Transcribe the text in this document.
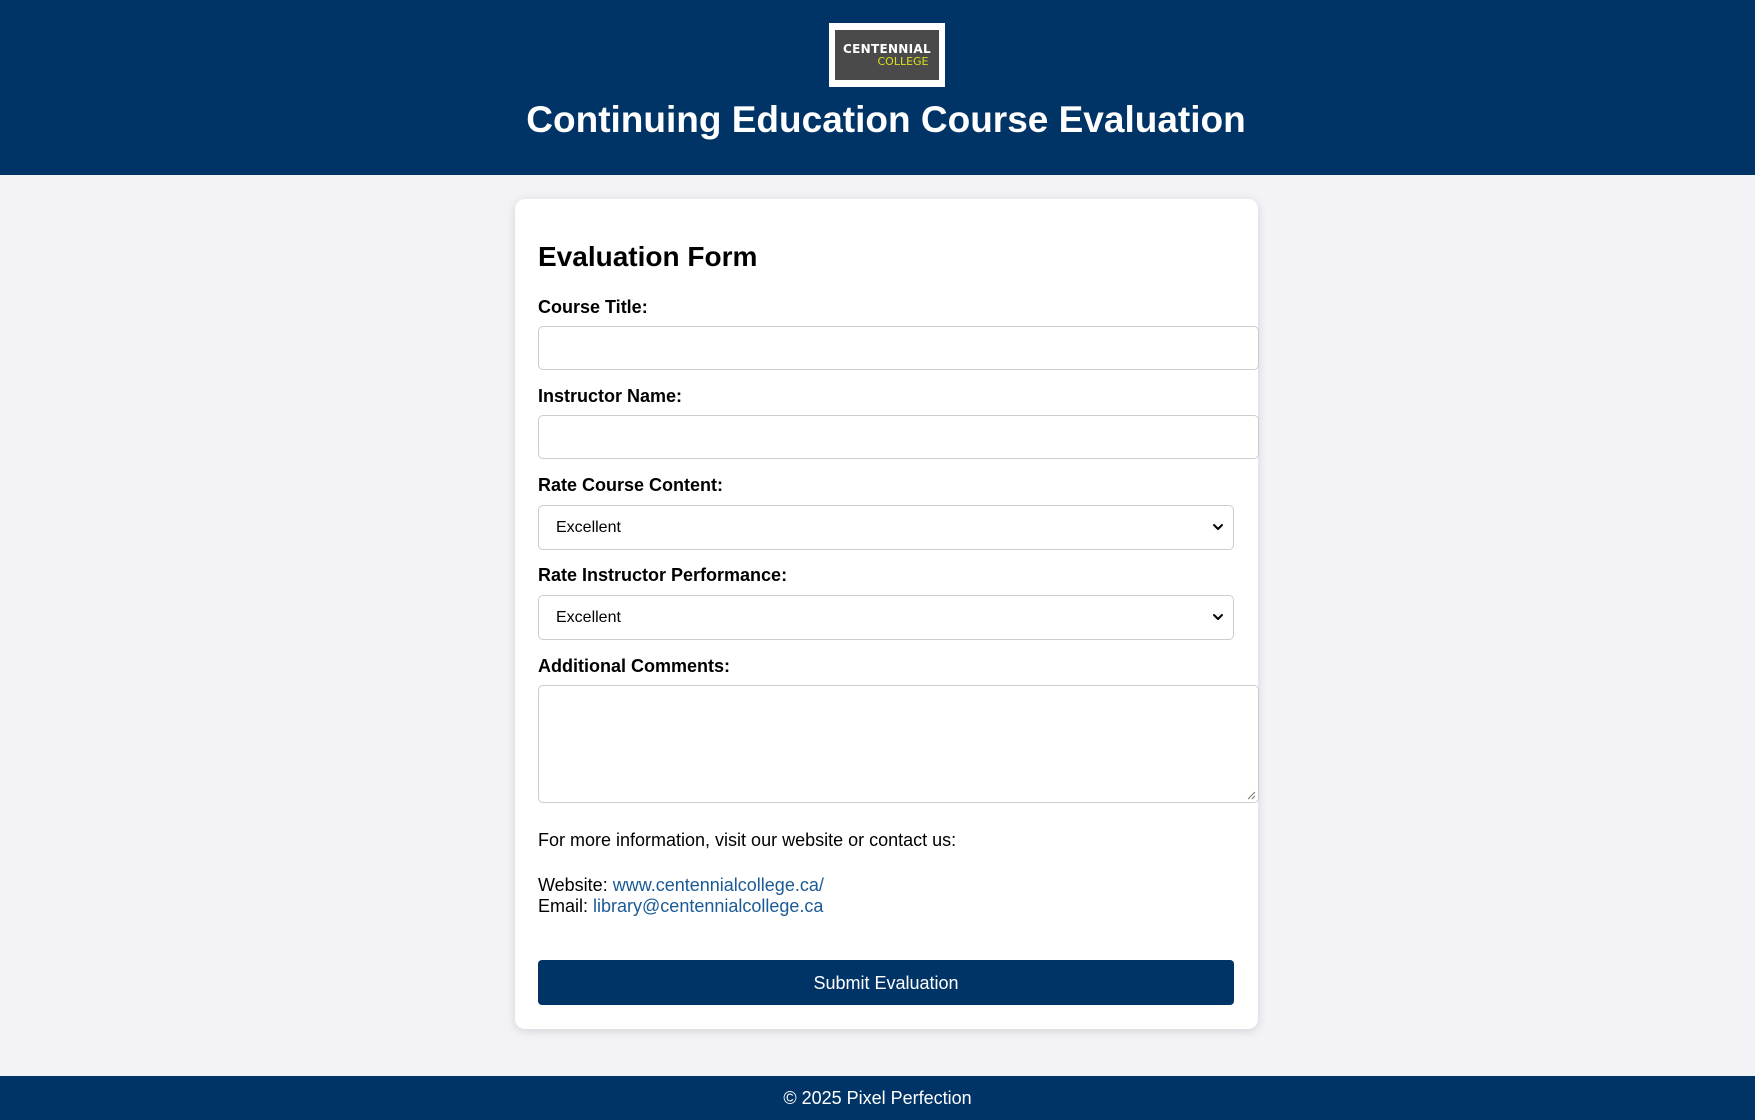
CENTENNIAL
COLLEGE
Continuing Education Course Evaluation
Evaluation Form
Course Title:
Instructor Name:
Rate Course Content:
Excellent
Rate Instructor Performance:
Excellent
Additional Comments:
For more information, visit our website or contact us:
Website: www.centennialcollege.ca/
Email: library@centennialcollege.ca
Submit Evaluation
© 2025 Pixel Perfection
